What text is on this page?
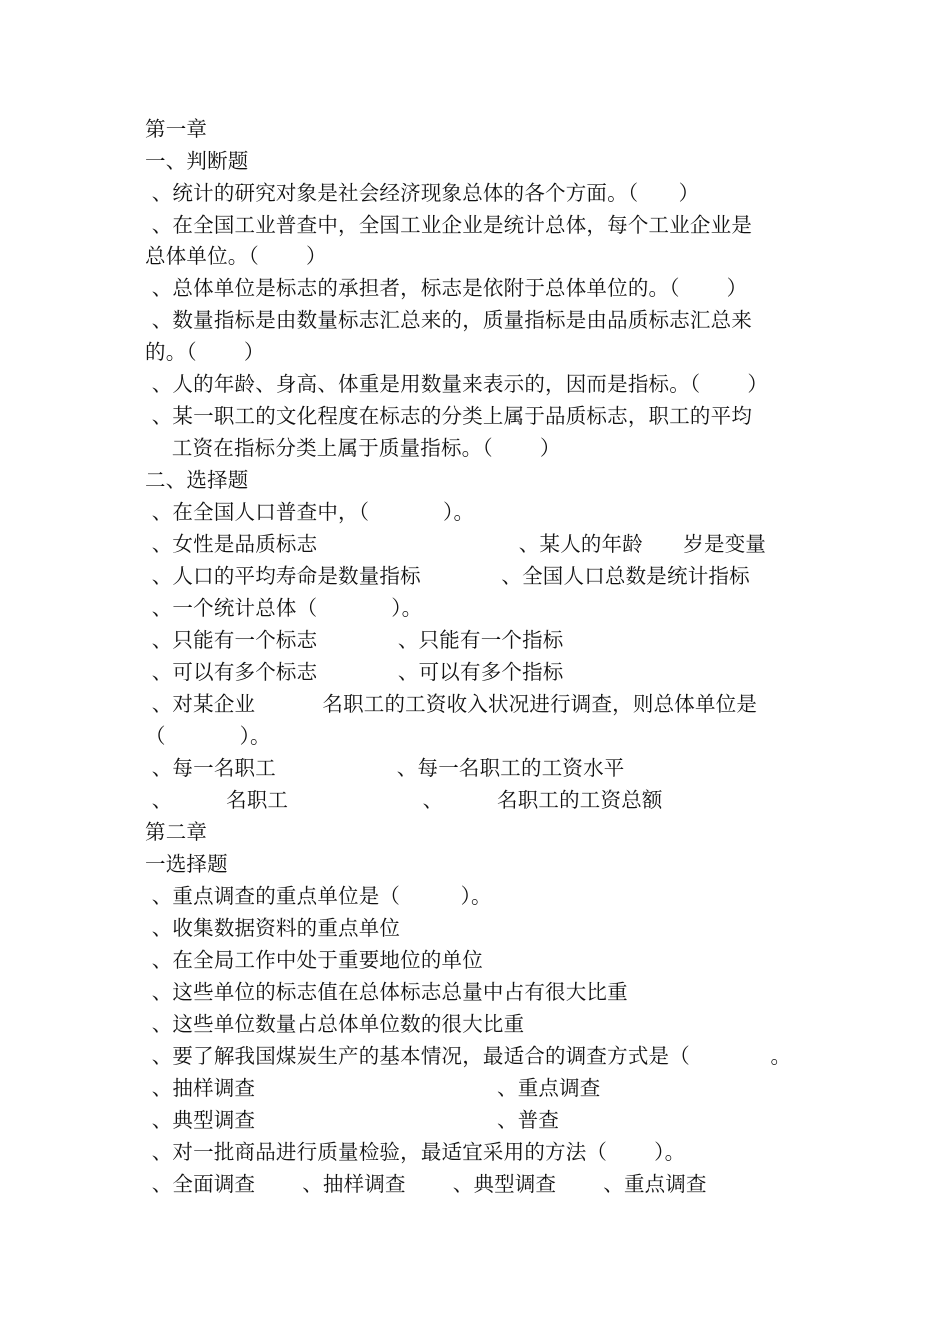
第一章
一、判断题
、统计的研究对象是社会经济现象总体的各个方面。（      ）
、在全国工业普查中，全国工业企业是统计总体，每个工业企业是
总体单位。（       ）
、总体单位是标志的承担者，标志是依附于总体单位的。（       ）
、数量指标是由数量标志汇总来的，质量指标是由品质标志汇总来
的。（       ）
、人的年龄、身高、体重是用数量来表示的，因而是指标。（       ）
、某一职工的文化程度在标志的分类上属于品质标志，职工的平均
工资在指标分类上属于质量指标。（       ）
二、选择题
、在全国人口普查中，（           ）。
、女性是品质标志                              、某人的年龄      岁是变量
、人口的平均寿命是数量指标            、全国人口总数是统计指标
、一个统计总体（           ）。
、只能有一个标志            、只能有一个指标
、可以有多个标志            、可以有多个指标
、对某企业          名职工的工资收入状况进行调查，则总体单位是
（           ）。
、每一名职工                  、每一名职工的工资水平
、        名职工                    、        名职工的工资总额
第二章
一选择题
、重点调查的重点单位是（         ）。
、收集数据资料的重点单位
、在全局工作中处于重要地位的单位
、这些单位的标志值在总体标志总量中占有很大比重
、这些单位数量占总体单位数的很大比重
、要了解我国煤炭生产的基本情况，最适合的调查方式是（            。
、抽样调查                                    、重点调查
、典型调查                                    、普查
、对一批商品进行质量检验，最适宜采用的方法（       ）。
、全面调查       、抽样调查       、典型调查       、重点调查
